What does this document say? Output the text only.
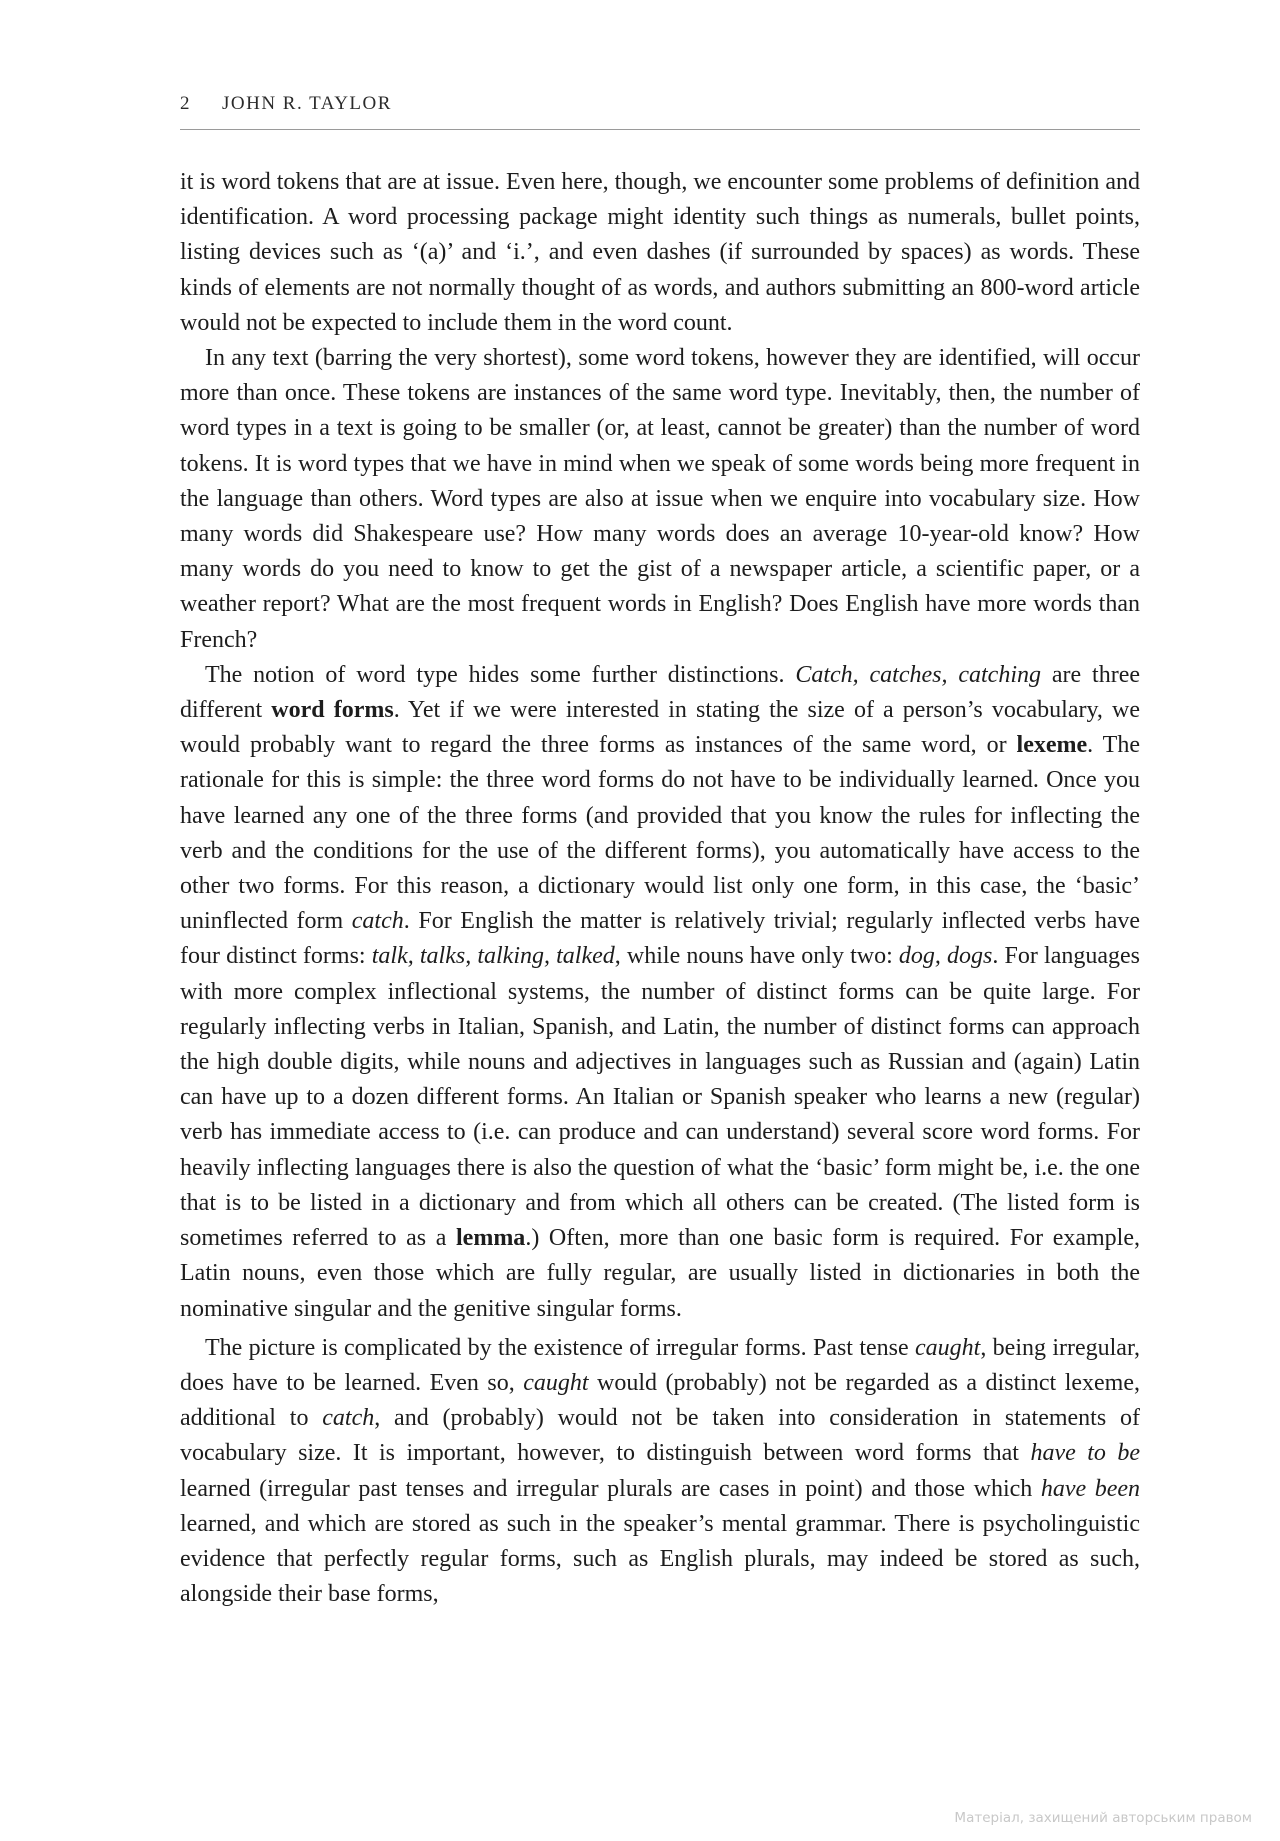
2 JOHN R. TAYLOR

it is word tokens that are at issue. Even here, though, we encounter some problems of definition and identification. A word processing package might identity such things as numerals, bullet points, listing devices such as ‘(a)’ and ‘i.’, and even dashes (if surrounded by spaces) as words. These kinds of elements are not normally thought of as words, and authors submitting an 800-word article would not be expected to include them in the word count.

In any text (barring the very shortest), some word tokens, however they are identified, will occur more than once. These tokens are instances of the same word type. Inevitably, then, the number of word types in a text is going to be smaller (or, at least, cannot be greater) than the number of word tokens. It is word types that we have in mind when we speak of some words being more frequent in the language than others. Word types are also at issue when we enquire into vocabulary size. How many words did Shakespeare use? How many words does an average 10-year-old know? How many words do you need to know to get the gist of a newspaper article, a scientific paper, or a weather report? What are the most frequent words in English? Does English have more words than French?

The notion of word type hides some further distinctions. Catch, catches, catching are three different word forms. Yet if we were interested in stating the size of a person’s vocabulary, we would probably want to regard the three forms as instances of the same word, or lexeme. The rationale for this is simple: the three word forms do not have to be individually learned. Once you have learned any one of the three forms (and provided that you know the rules for inflecting the verb and the conditions for the use of the different forms), you automatically have access to the other two forms. For this reason, a dictionary would list only one form, in this case, the ‘basic’ uninflected form catch. For English the matter is relatively trivial; regularly inflected verbs have four distinct forms: talk, talks, talking, talked, while nouns have only two: dog, dogs. For languages with more complex inflectional systems, the number of distinct forms can be quite large. For regularly inflecting verbs in Italian, Spanish, and Latin, the number of distinct forms can approach the high double digits, while nouns and adjectives in languages such as Russian and (again) Latin can have up to a dozen different forms. An Italian or Spanish speaker who learns a new (regular) verb has immediate access to (i.e. can produce and can understand) several score word forms. For heavily inflecting languages there is also the question of what the ‘basic’ form might be, i.e. the one that is to be listed in a dictionary and from which all others can be created. (The listed form is sometimes referred to as a lemma.) Often, more than one basic form is required. For example, Latin nouns, even those which are fully regular, are usually listed in dictionaries in both the nominative singular and the genitive singular forms.

The picture is complicated by the existence of irregular forms. Past tense caught, being irregular, does have to be learned. Even so, caught would (probably) not be regarded as a distinct lexeme, additional to catch, and (probably) would not be taken into consideration in statements of vocabulary size. It is important, however, to distinguish between word forms that have to be learned (irregular past tenses and irregular plurals are cases in point) and those which have been learned, and which are stored as such in the speaker’s mental grammar. There is psycholinguistic evidence that perfectly regular forms, such as English plurals, may indeed be stored as such, alongside their base forms,

Матеріал, захищений авторським правом
